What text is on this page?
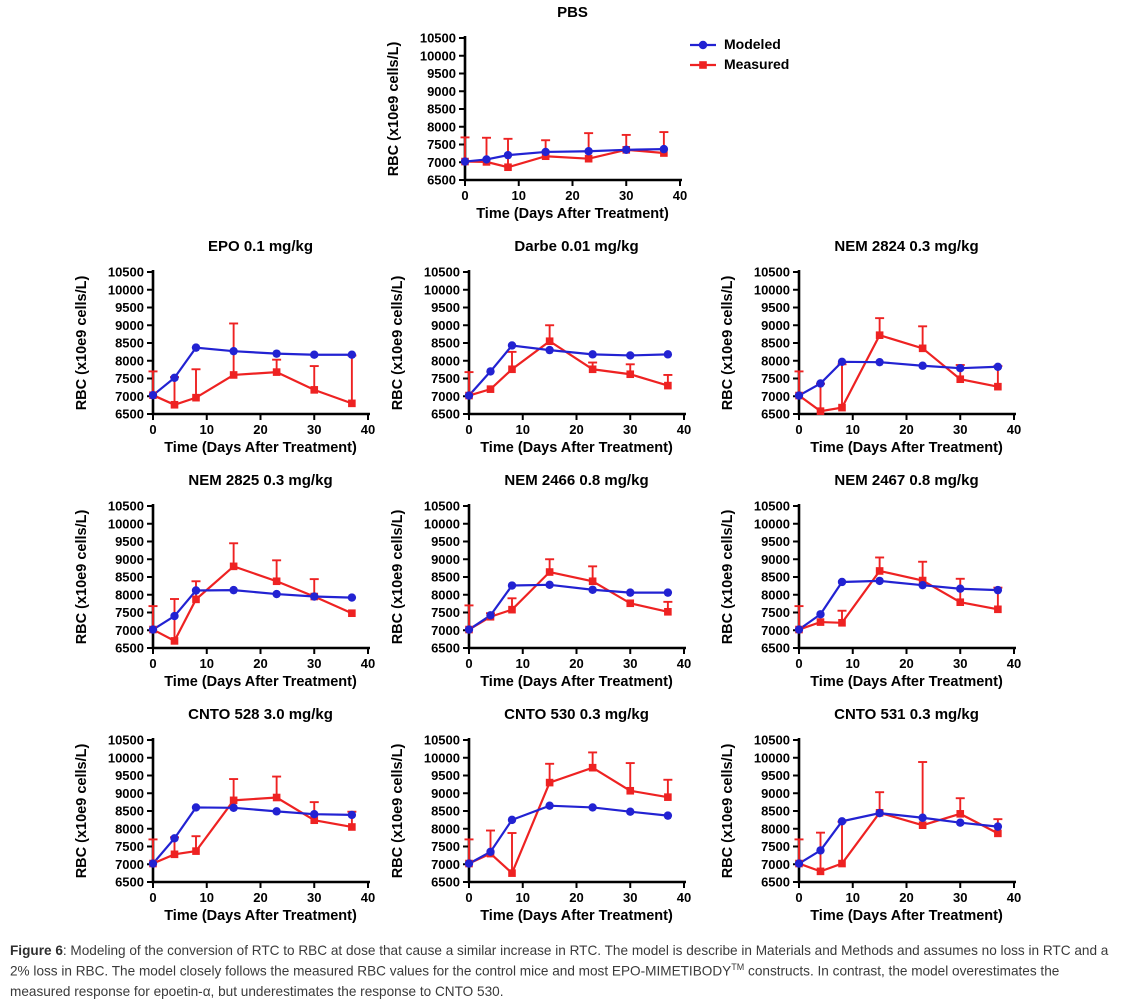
PBS
6500
7000
7500
8000
8500
9000
9500
10000
10500
0	10	20	30	40
RBC (x10e9 cells/L)
Time (Days After Treatment)
Modeled
Measured
EPO 0.1 mg/kg
6500
7000
7500
8000
8500
9000
9500
10000
10500
0	10	20	30	40
RBC (x10e9 cells/L)
Time (Days After Treatment)
Darbe 0.01 mg/kg
6500
7000
7500
8000
8500
9000
9500
10000
10500
0	10	20	30	40
RBC (x10e9 cells/L)
Time (Days After Treatment)
NEM 2824 0.3 mg/kg
6500
7000
7500
8000
8500
9000
9500
10000
10500
0	10	20	30	40
RBC (x10e9 cells/L)
Time (Days After Treatment)
NEM 2825 0.3 mg/kg
6500
7000
7500
8000
8500
9000
9500
10000
10500
0	10	20	30	40
RBC (x10e9 cells/L)
Time (Days After Treatment)
NEM 2466 0.8 mg/kg
6500
7000
7500
8000
8500
9000
9500
10000
10500
0	10	20	30	40
RBC (x10e9 cells/L)
Time (Days After Treatment)
NEM 2467 0.8 mg/kg
6500
7000
7500
8000
8500
9000
9500
10000
10500
0	10	20	30	40
RBC (x10e9 cells/L)
Time (Days After Treatment)
CNTO 528 3.0 mg/kg
6500
7000
7500
8000
8500
9000
9500
10000
10500
0	10	20	30	40
RBC (x10e9 cells/L)
Time (Days After Treatment)
CNTO 530 0.3 mg/kg
6500
7000
7500
8000
8500
9000
9500
10000
10500
0	10	20	30	40
RBC (x10e9 cells/L)
Time (Days After Treatment)
CNTO 531 0.3 mg/kg
6500
7000
7500
8000
8500
9000
9500
10000
10500
0	10	20	30	40
RBC (x10e9 cells/L)
Time (Days After Treatment)

Figure 6: Modeling of the conversion of RTC to RBC at dose that cause a similar increase in RTC. The model is describe in Materials and Methods and assumes no loss in RTC and a 2% loss in RBC. The model closely follows the measured RBC values for the control mice and most EPO-MIMETIBODY™ constructs. In contrast, the model overestimates the measured response for epoetin-α, but underestimates the response to CNTO 530.
